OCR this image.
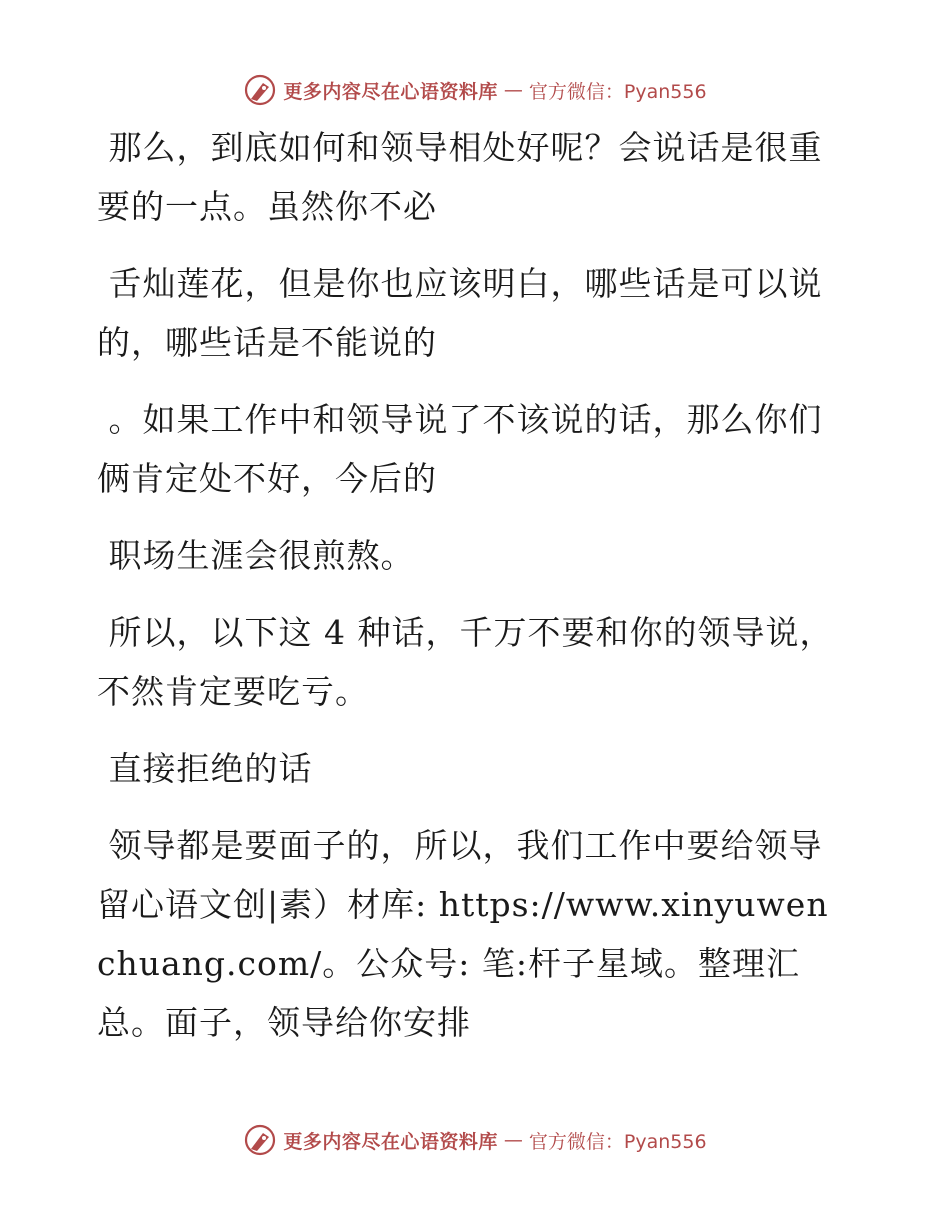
更多内容尽在心语资料库 — 官方微信：Pyan556

那么，到底如何和领导相处好呢？会说话是很重要的一点。虽然你不必

舌灿莲花，但是你也应该明白，哪些话是可以说的，哪些话是不能说的

。如果工作中和领导说了不该说的话，那么你们俩肯定处不好，今后的

职场生涯会很煎熬。

所以，以下这 4 种话，千万不要和你的领导说，不然肯定要吃亏。

直接拒绝的话

领导都是要面子的，所以，我们工作中要给领导留心语文创|素）材库: https://www.xinyuwenchuang.com/。公众号: 笔:杆子星域。整理汇总。面子，领导给你安排

更多内容尽在心语资料库 — 官方微信：Pyan556
